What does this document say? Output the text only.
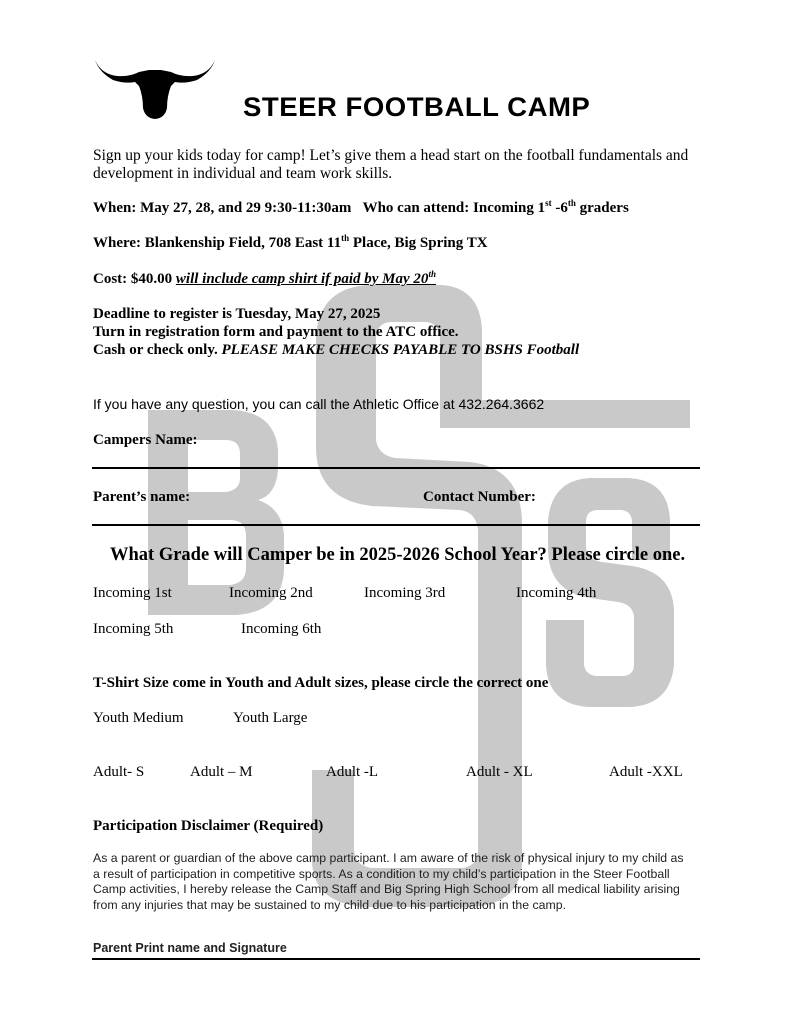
STEER FOOTBALL CAMP
Sign up your kids today for camp! Let’s give them a head start on the football fundamentals and development in individual and team work skills.
When: May 27, 28, and 29 9:30-11:30am Who can attend: Incoming 1st -6th graders
Where: Blankenship Field, 708 East 11th Place, Big Spring TX
Cost: $40.00 will include camp shirt if paid by May 20th
Deadline to register is Tuesday, May 27, 2025
Turn in registration form and payment to the ATC office.
Cash or check only. PLEASE MAKE CHECKS PAYABLE TO BSHS Football
If you have any question, you can call the Athletic Office at 432.264.3662
Campers Name:
Parent’s name:	Contact Number:
What Grade will Camper be in 2025-2026 School Year? Please circle one.
Incoming 1st	Incoming 2nd	Incoming 3rd	Incoming 4th
Incoming 5th	Incoming 6th
T-Shirt Size come in Youth and Adult sizes, please circle the correct one
Youth Medium	Youth Large
Adult- S	Adult – M	Adult -L	Adult - XL	Adult -XXL
Participation Disclaimer (Required)
As a parent or guardian of the above camp participant. I am aware of the risk of physical injury to my child as a result of participation in competitive sports. As a condition to my child’s participation in the Steer Football Camp activities, I hereby release the Camp Staff and Big Spring High School from all medical liability arising from any injuries that may be sustained to my child due to his participation in the camp.
Parent Print name and Signature
